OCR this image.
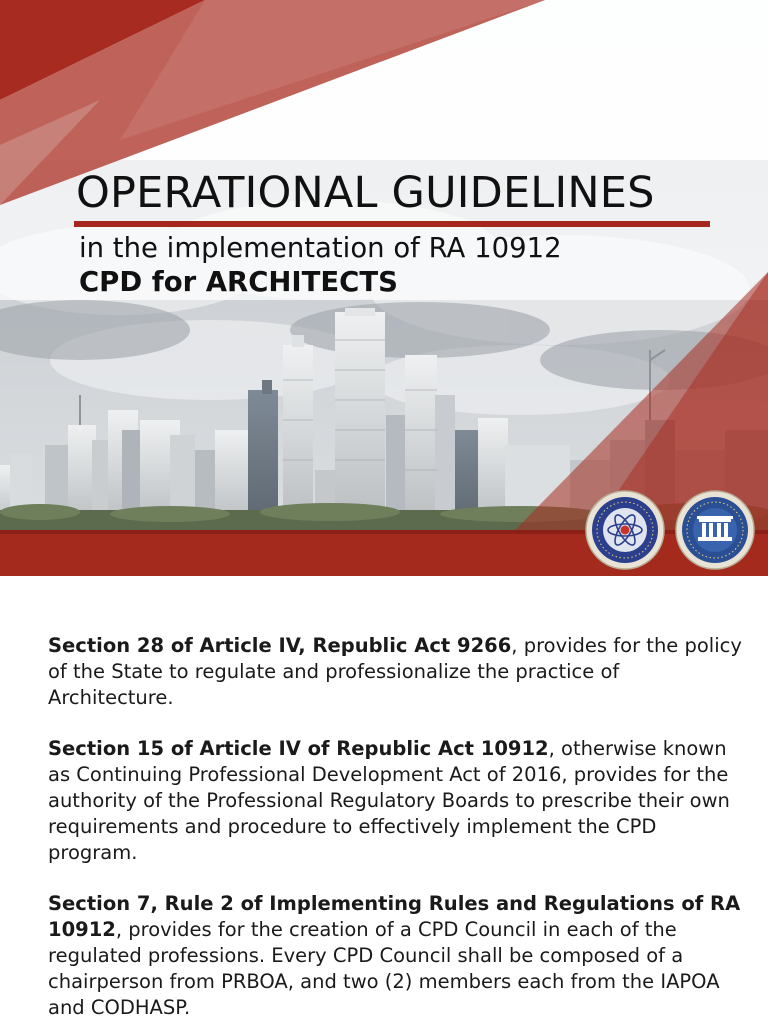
OPERATIONAL GUIDELINES
in the implementation of RA 10912
CPD for ARCHITECTS

Section 28 of Article IV, Republic Act 9266, provides for the policy of the State to regulate and professionalize the practice of Architecture.

Section 15 of Article IV of Republic Act 10912, otherwise known as Continuing Professional Development Act of 2016, provides for the authority of the Professional Regulatory Boards to prescribe their own requirements and procedure to effectively implement the CPD program.

Section 7, Rule 2 of Implementing Rules and Regulations of RA 10912, provides for the creation of a CPD Council in each of the regulated professions. Every CPD Council shall be composed of a chairperson from PRBOA, and two (2) members each from the IAPOA and CODHASP.
